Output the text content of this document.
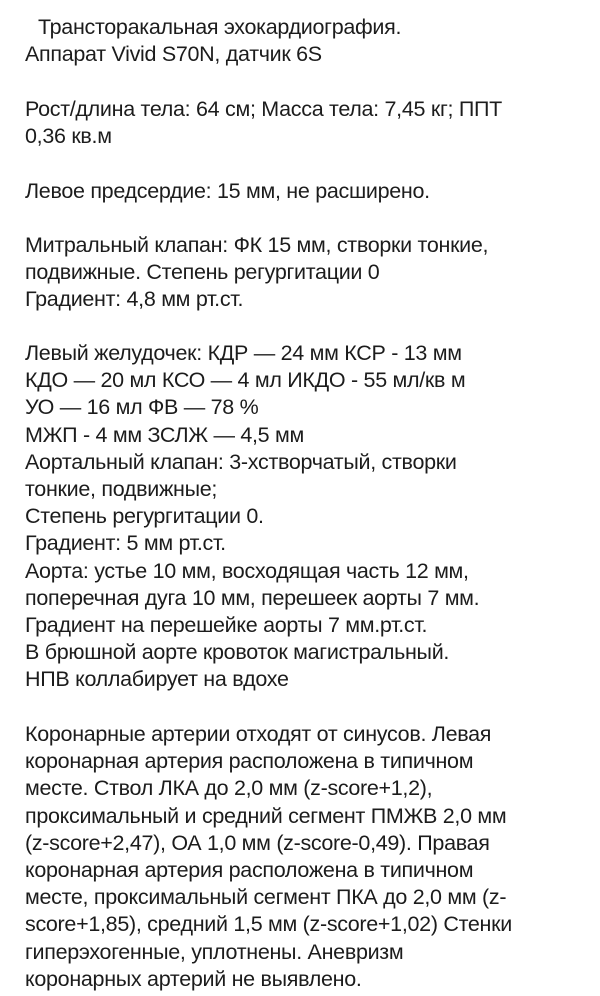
Трансторакальная эхокардиография.
Аппарат Vivid S70N, датчик 6S
Рост/длина тела: 64 см; Масса тела: 7,45 кг; ППТ
0,36 кв.м
Левое предсердие: 15 мм, не расширено.
Митральный клапан: ФК 15 мм, створки тонкие,
подвижные. Степень регургитации 0
Градиент: 4,8 мм рт.ст.
Левый желудочек: КДР — 24 мм КСР - 13 мм
КДО — 20 мл КСО — 4 мл ИКДО - 55 мл/кв м
УО — 16 мл ФВ — 78 %
МЖП - 4 мм ЗСЛЖ — 4,5 мм
Аортальный клапан: 3-хстворчатый, створки
тонкие, подвижные;
Степень регургитации 0.
Градиент: 5 мм рт.ст.
Аорта: устье 10 мм, восходящая часть 12 мм,
поперечная дуга 10 мм, перешеек аорты 7 мм.
Градиент на перешейке аорты 7 мм.рт.ст.
В брюшной аорте кровоток магистральный.
НПВ коллабирует на вдохе
Коронарные артерии отходят от синусов. Левая
коронарная артерия расположена в типичном
месте. Ствол ЛКА до 2,0 мм (z-score+1,2),
проксимальный и средний сегмент ПМЖВ 2,0 мм
(z-score+2,47), ОА 1,0 мм (z-score-0,49). Правая
коронарная артерия расположена в типичном
месте, проксимальный сегмент ПКА до 2,0 мм (z-
score+1,85), средний 1,5 мм (z-score+1,02) Стенки
гиперэхогенные, уплотнены. Аневризм
коронарных артерий не выявлено.
